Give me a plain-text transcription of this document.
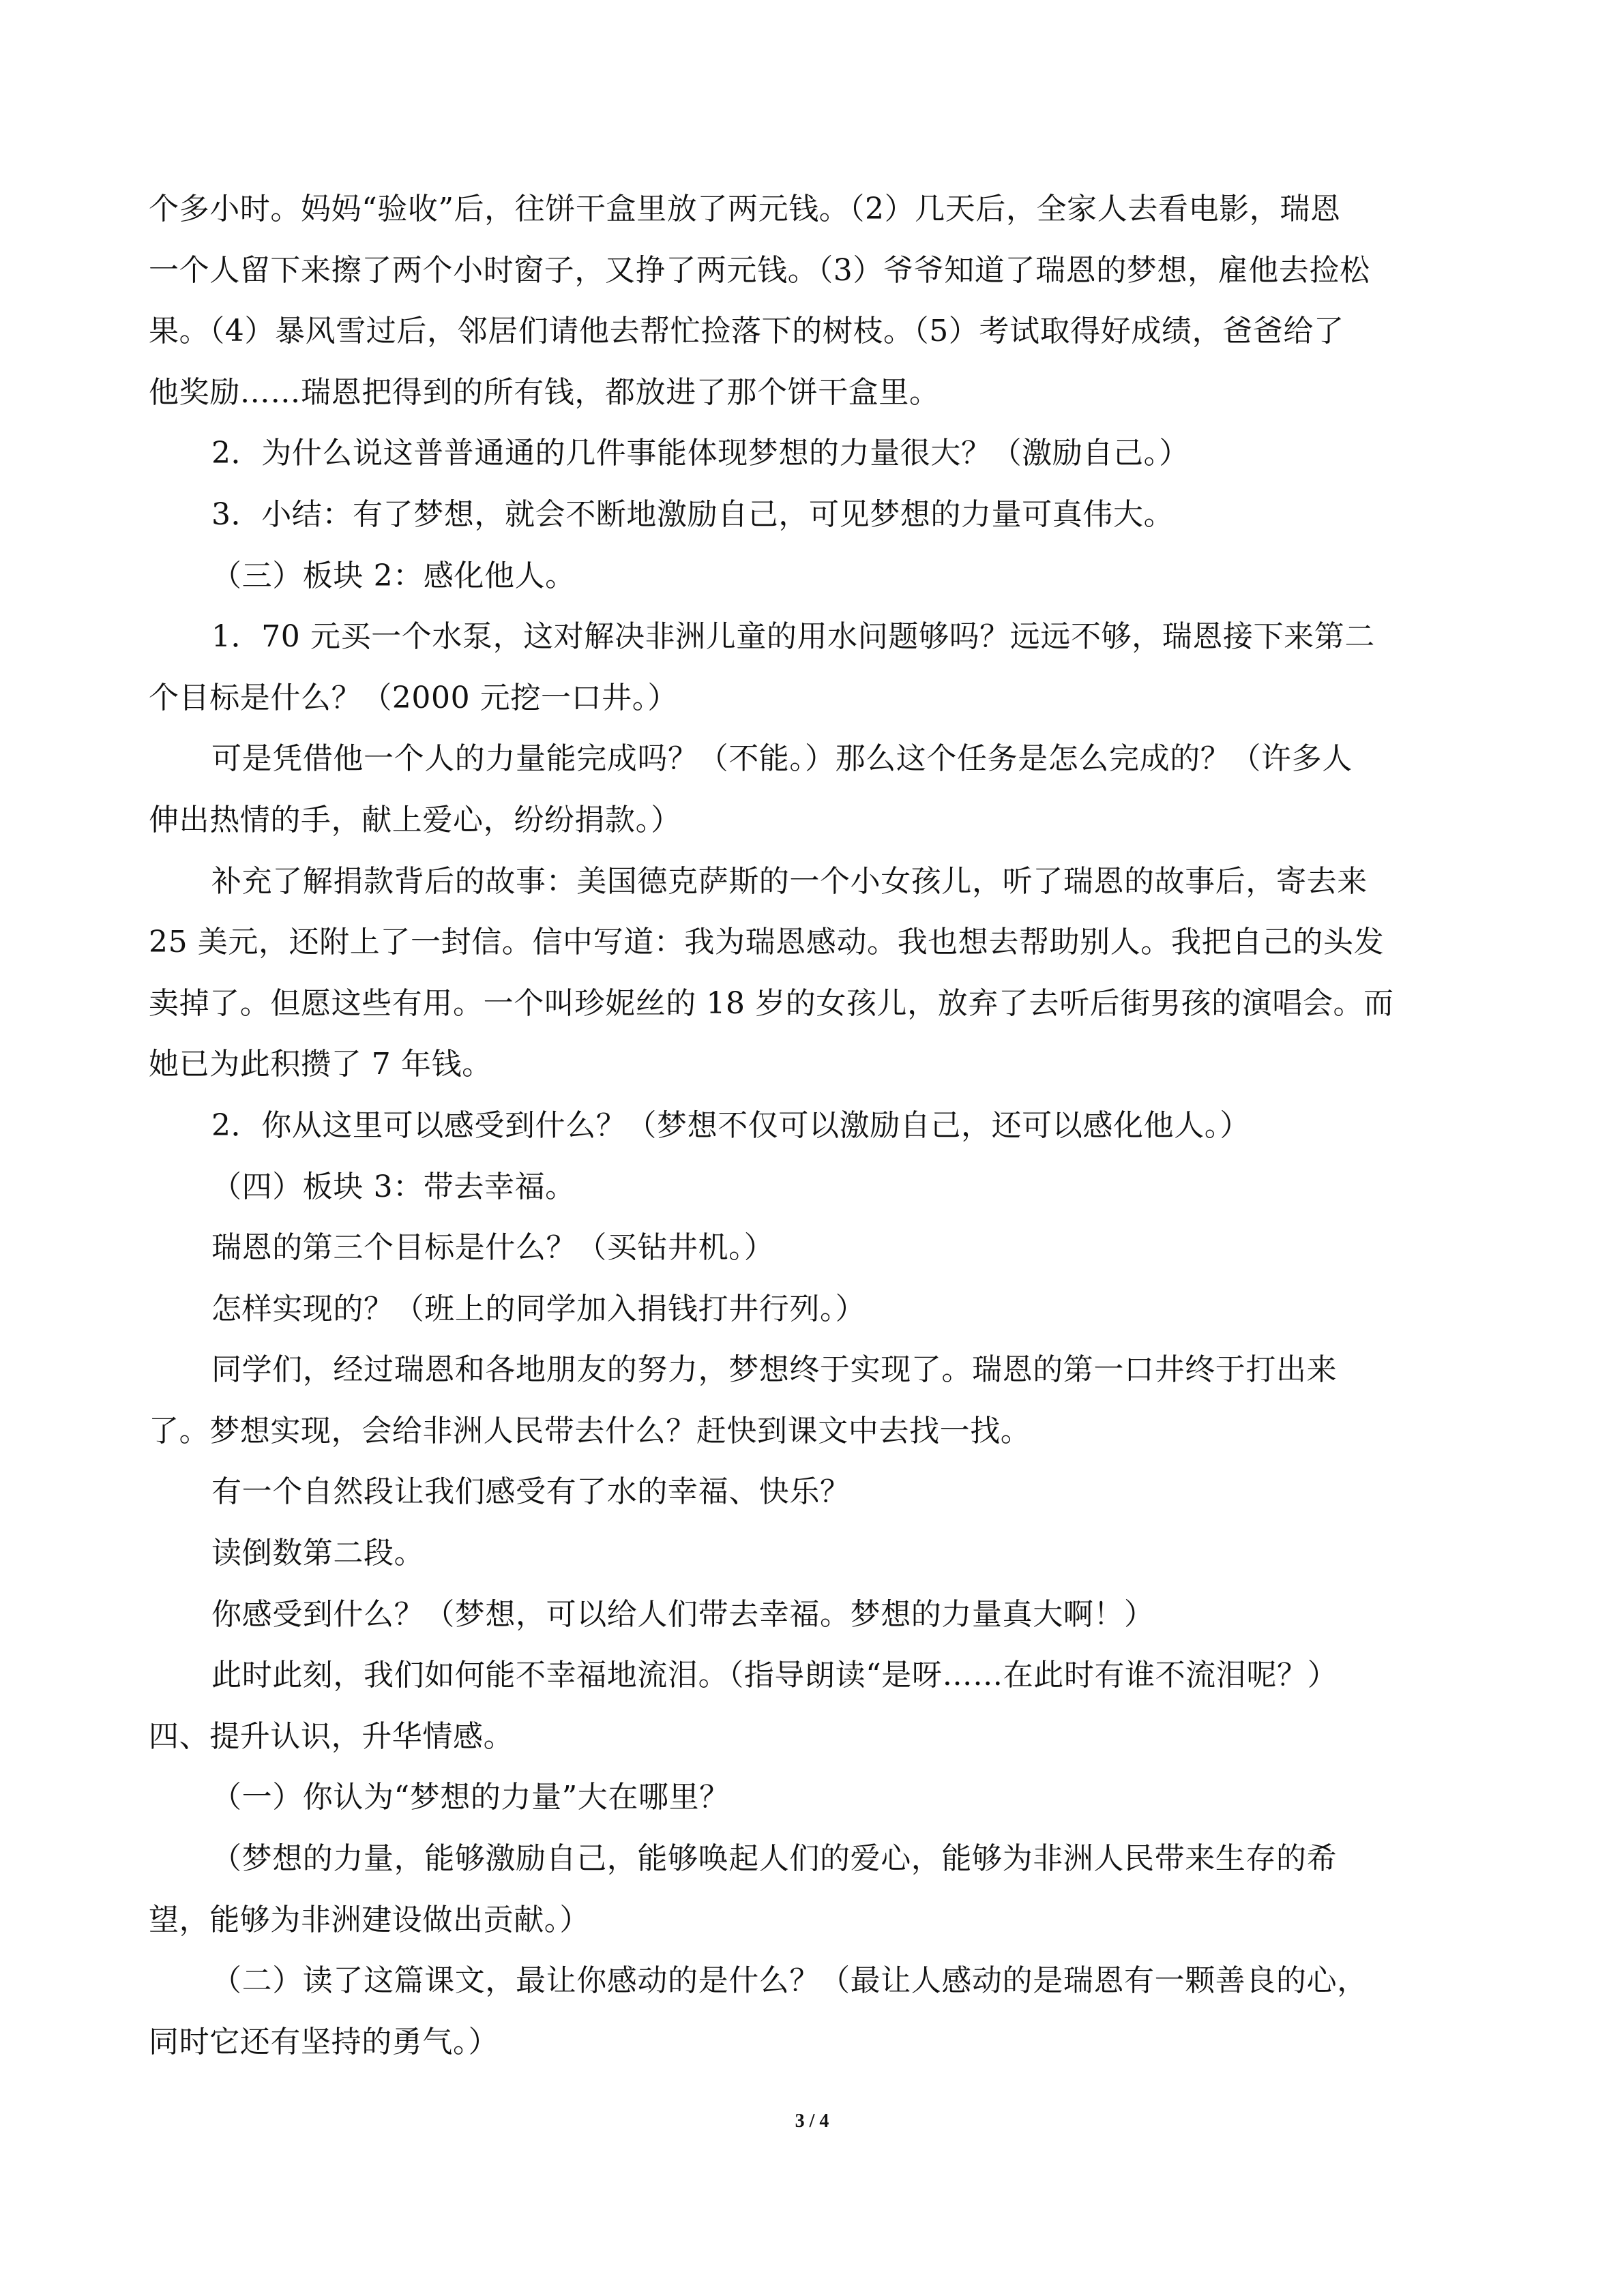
个多小时。妈妈“验收”后，往饼干盒里放了两元钱。（2）几天后，全家人去看电影，瑞恩
一个人留下来擦了两个小时窗子，又挣了两元钱。（3）爷爷知道了瑞恩的梦想，雇他去捡松
果。（4）暴风雪过后，邻居们请他去帮忙捡落下的树枝。（5）考试取得好成绩，爸爸给了
他奖励……瑞恩把得到的所有钱，都放进了那个饼干盒里。
2．为什么说这普普通通的几件事能体现梦想的力量很大？（激励自己。）
3．小结：有了梦想，就会不断地激励自己，可见梦想的力量可真伟大。
（三）板块 2：感化他人。
1．70 元买一个水泵，这对解决非洲儿童的用水问题够吗？远远不够，瑞恩接下来第二
个目标是什么？（2000 元挖一口井。）
可是凭借他一个人的力量能完成吗？（不能。）那么这个任务是怎么完成的？（许多人
伸出热情的手，献上爱心，纷纷捐款。）
补充了解捐款背后的故事：美国德克萨斯的一个小女孩儿，听了瑞恩的故事后，寄去来
25 美元，还附上了一封信。信中写道：我为瑞恩感动。我也想去帮助别人。我把自己的头发
卖掉了。但愿这些有用。一个叫珍妮丝的 18 岁的女孩儿，放弃了去听后街男孩的演唱会。而
她已为此积攒了 7 年钱。
2．你从这里可以感受到什么？（梦想不仅可以激励自己，还可以感化他人。）
（四）板块 3：带去幸福。
瑞恩的第三个目标是什么？（买钻井机。）
怎样实现的？（班上的同学加入捐钱打井行列。）
同学们，经过瑞恩和各地朋友的努力，梦想终于实现了。瑞恩的第一口井终于打出来
了。梦想实现，会给非洲人民带去什么？赶快到课文中去找一找。
有一个自然段让我们感受有了水的幸福、快乐？
读倒数第二段。
你感受到什么？（梦想，可以给人们带去幸福。梦想的力量真大啊！）
此时此刻，我们如何能不幸福地流泪。（指导朗读“是呀……在此时有谁不流泪呢？）
四、提升认识，升华情感。
（一）你认为“梦想的力量”大在哪里？
（梦想的力量，能够激励自己，能够唤起人们的爱心，能够为非洲人民带来生存的希
望，能够为非洲建设做出贡献。）
（二）读了这篇课文，最让你感动的是什么？（最让人感动的是瑞恩有一颗善良的心，
同时它还有坚持的勇气。）
3 / 4
